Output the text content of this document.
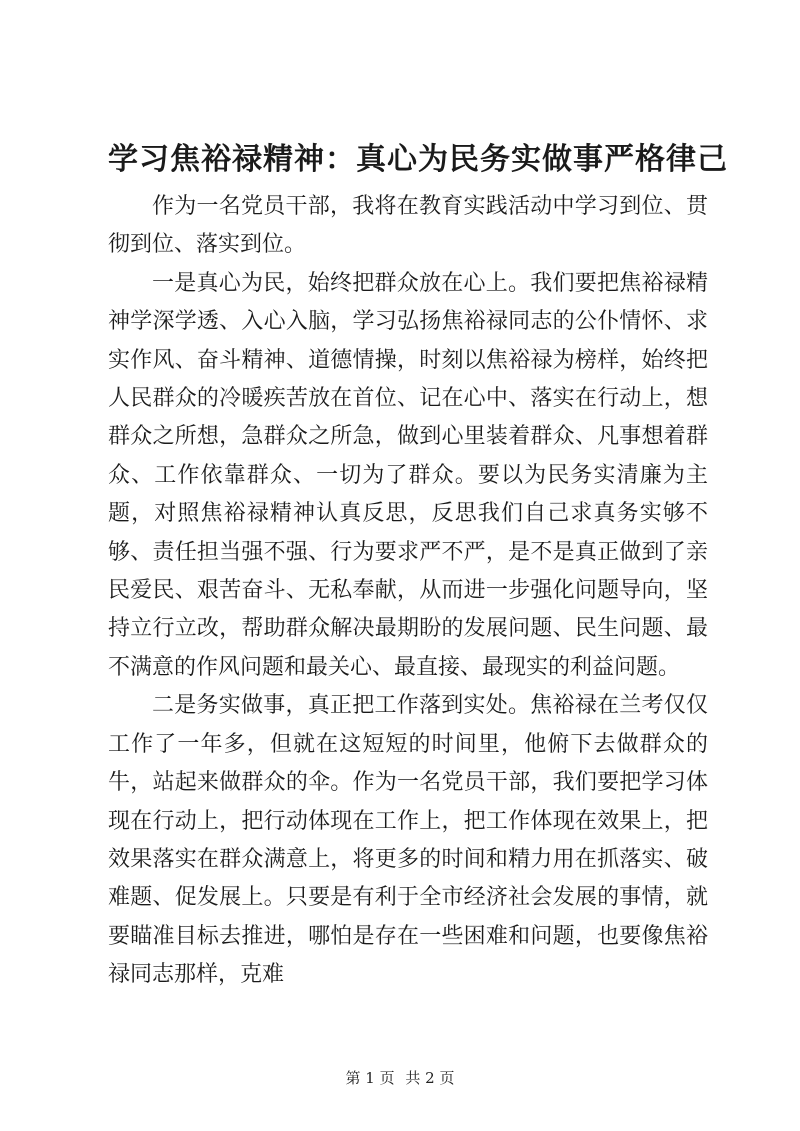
学习焦裕禄精神：真心为民务实做事严格律己

作为一名党员干部，我将在教育实践活动中学习到位、贯彻到位、落实到位。

一是真心为民，始终把群众放在心上。我们要把焦裕禄精神学深学透、入心入脑，学习弘扬焦裕禄同志的公仆情怀、求实作风、奋斗精神、道德情操，时刻以焦裕禄为榜样，始终把人民群众的冷暖疾苦放在首位、记在心中、落实在行动上，想群众之所想，急群众之所急，做到心里装着群众、凡事想着群众、工作依靠群众、一切为了群众。要以为民务实清廉为主题，对照焦裕禄精神认真反思，反思我们自己求真务实够不够、责任担当强不强、行为要求严不严，是不是真正做到了亲民爱民、艰苦奋斗、无私奉献，从而进一步强化问题导向，坚持立行立改，帮助群众解决最期盼的发展问题、民生问题、最不满意的作风问题和最关心、最直接、最现实的利益问题。

二是务实做事，真正把工作落到实处。焦裕禄在兰考仅仅工作了一年多，但就在这短短的时间里，他俯下去做群众的牛，站起来做群众的伞。作为一名党员干部，我们要把学习体现在行动上，把行动体现在工作上，把工作体现在效果上，把效果落实在群众满意上，将更多的时间和精力用在抓落实、破难题、促发展上。只要是有利于全市经济社会发展的事情，就要瞄准目标去推进，哪怕是存在一些困难和问题，也要像焦裕禄同志那样，克难

第 1 页 共 2 页
